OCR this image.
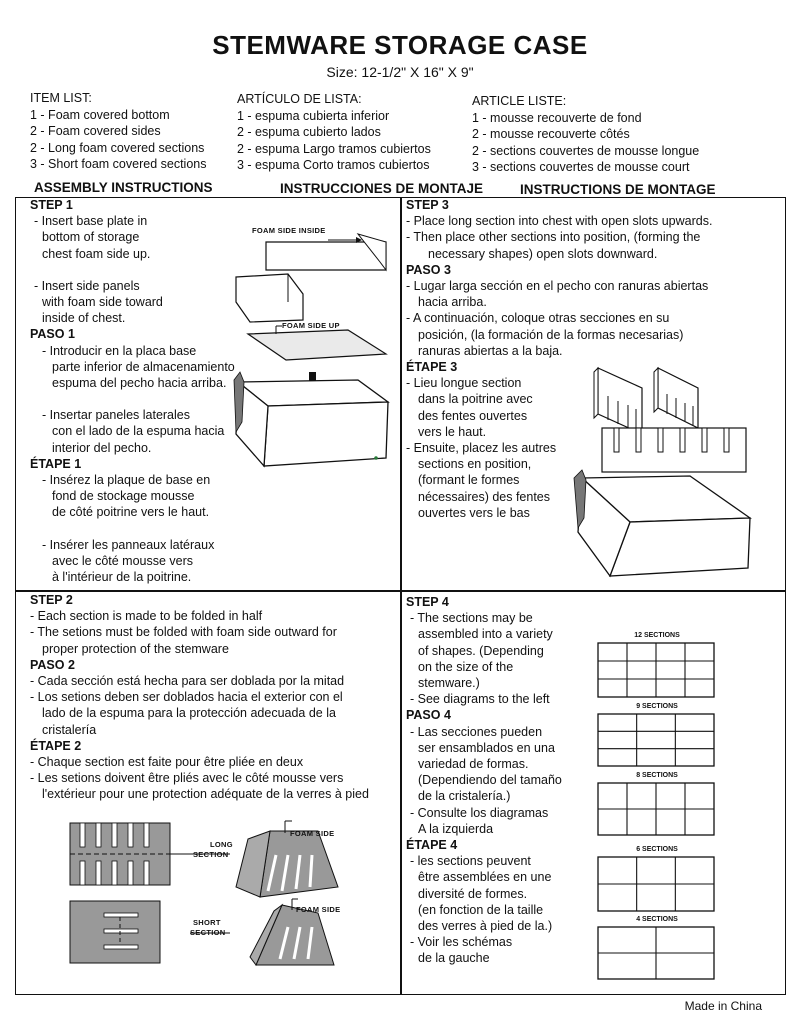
STEMWARE STORAGE CASE
Size: 12-1/2" X 16" X 9"
ITEM LIST:
1 - Foam covered bottom
2 - Foam covered sides
2 - Long foam covered sections
3 - Short foam covered sections
ARTÍCULO DE LISTA:
1 - espuma cubierta inferior
2 - espuma cubierto lados
2 - espuma Largo tramos cubiertos
3 - espuma Corto tramos cubiertos
ARTICLE LISTE:
1 - mousse recouverte de fond
2 - mousse recouverte côtés
2 - sections couvertes de mousse longue
3 - sections couvertes de mousse court
ASSEMBLY INSTRUCTIONS	INSTRUCCIONES DE MONTAJE	INSTRUCTIONS DE MONTAGE
STEP 1
- Insert base plate in
bottom of storage
chest foam side up.
- Insert side panels
with foam side toward
inside of chest.
PASO 1
- Introducir en la placa base
parte inferior de almacenamiento
espuma del pecho hacia arriba.
- Insertar paneles laterales
con el lado de la espuma hacia
interior del pecho.
ÉTAPE 1
- Insérez la plaque de base en
fond de stockage mousse
de côté poitrine vers le haut.
- Insérer les panneaux latéraux
avec le côté mousse vers
à l'intérieur de la poitrine.
FOAM SIDE INSIDE
FOAM SIDE UP
STEP 3
- Place long section into chest with open slots upwards.
- Then place other sections into position, (forming the
necessary shapes) open slots downward.
PASO 3
- Lugar larga sección en el pecho con ranuras abiertas
hacia arriba.
- A continuación, coloque otras secciones en su
posición, (la formación de la formas necesarias)
ranuras abiertas a la baja.
ÉTAPE 3
- Lieu longue section
dans la poitrine avec
des fentes ouvertes
vers le haut.
- Ensuite, placez les autres
sections en position,
(formant le formes
nécessaires) des fentes
ouvertes vers le bas
STEP 2
- Each section is made to be folded in half
- The setions must be folded with foam side outward for
proper protection of the stemware
PASO 2
- Cada sección está hecha para ser doblada por la mitad
- Los setions deben ser doblados hacia el exterior con el
lado de la espuma para la protección adecuada de la
cristalería
ÉTAPE 2
- Chaque section est faite pour être pliée en deux
- Les setions doivent être pliés avec le côté mousse vers
l'extérieur pour une protection adéquate de la verres à pied
FOAM SIDE
LONG
SECTION
FOAM SIDE
SHORT
SECTION
STEP 4
- The sections may be
assembled into a variety
of shapes. (Depending
on the size of the
stemware.)
- See diagrams to the left
PASO 4
- Las secciones pueden
ser ensamblados en una
variedad de formas.
(Dependiendo del tamaño
de la cristalería.)
- Consulte los diagramas
A la izquierda
ÉTAPE 4
- les sections peuvent
être assemblées en une
diversité de formes.
(en fonction de la taille
des verres à pied de la.)
- Voir les schémas
de la gauche
12 SECTIONS
9 SECTIONS
8 SECTIONS
6 SECTIONS
4 SECTIONS
Made in China
